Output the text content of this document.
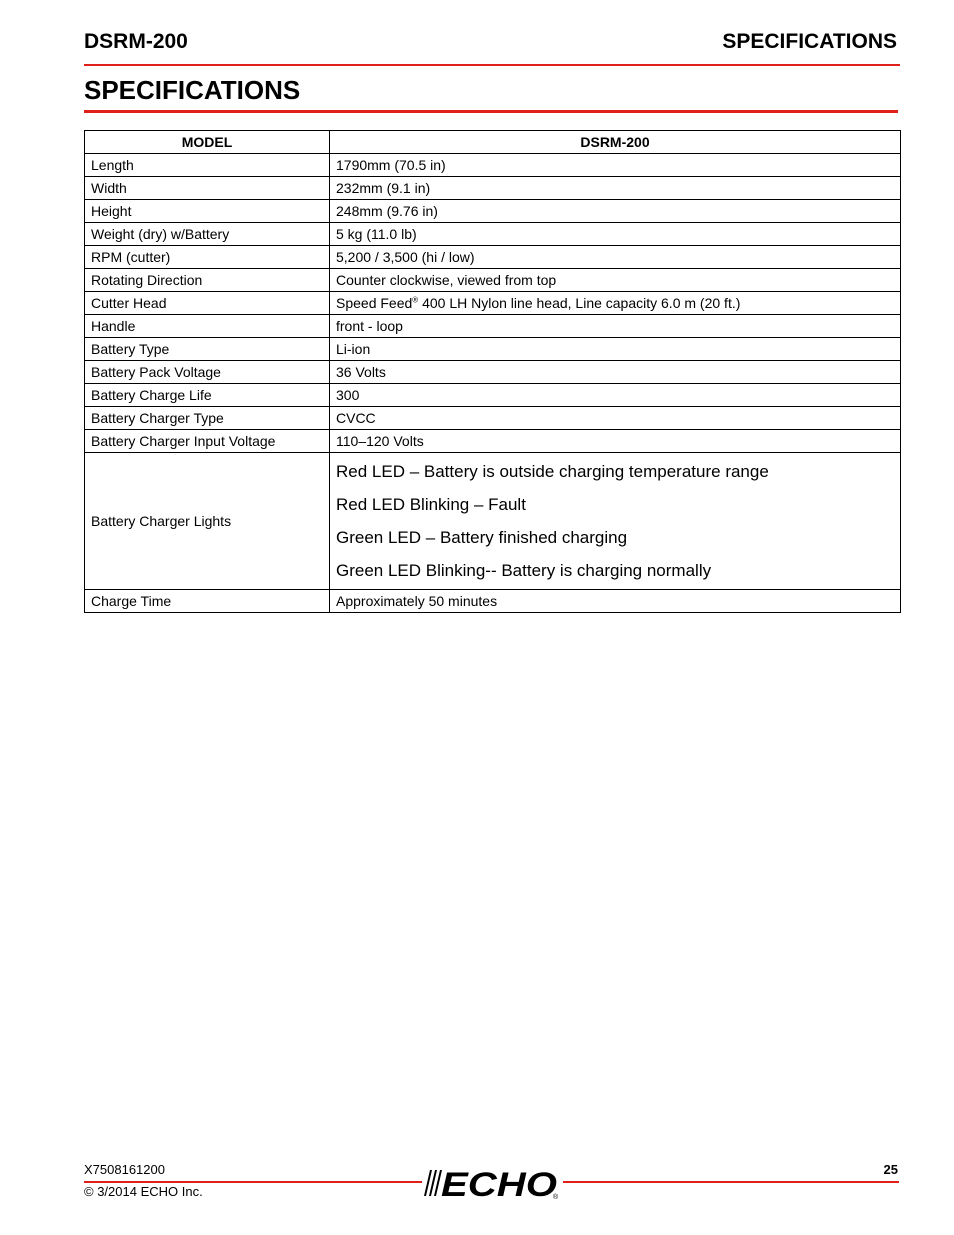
DSRM-200	SPECIFICATIONS
SPECIFICATIONS
MODEL	DSRM-200
Length	1790mm (70.5 in)
Width	232mm (9.1 in)
Height	248mm (9.76 in)
Weight (dry) w/Battery	5 kg (11.0 lb)
RPM (cutter)	5,200 / 3,500 (hi / low)
Rotating Direction	Counter clockwise, viewed from top
Cutter Head	Speed Feed® 400 LH Nylon line head, Line capacity 6.0 m (20 ft.)
Handle	front - loop
Battery Type	Li-ion
Battery Pack Voltage	36 Volts
Battery Charge Life	300
Battery Charger Type	CVCC
Battery Charger Input Voltage	110–120 Volts
Battery Charger Lights	Red LED – Battery is outside charging temperature range
Red LED Blinking – Fault
Green LED – Battery finished charging
Green LED Blinking-- Battery is charging normally

Charge Time	Approximately 50 minutes
X7508161200
© 3/2014 ECHO Inc.
25
ECHO
®
